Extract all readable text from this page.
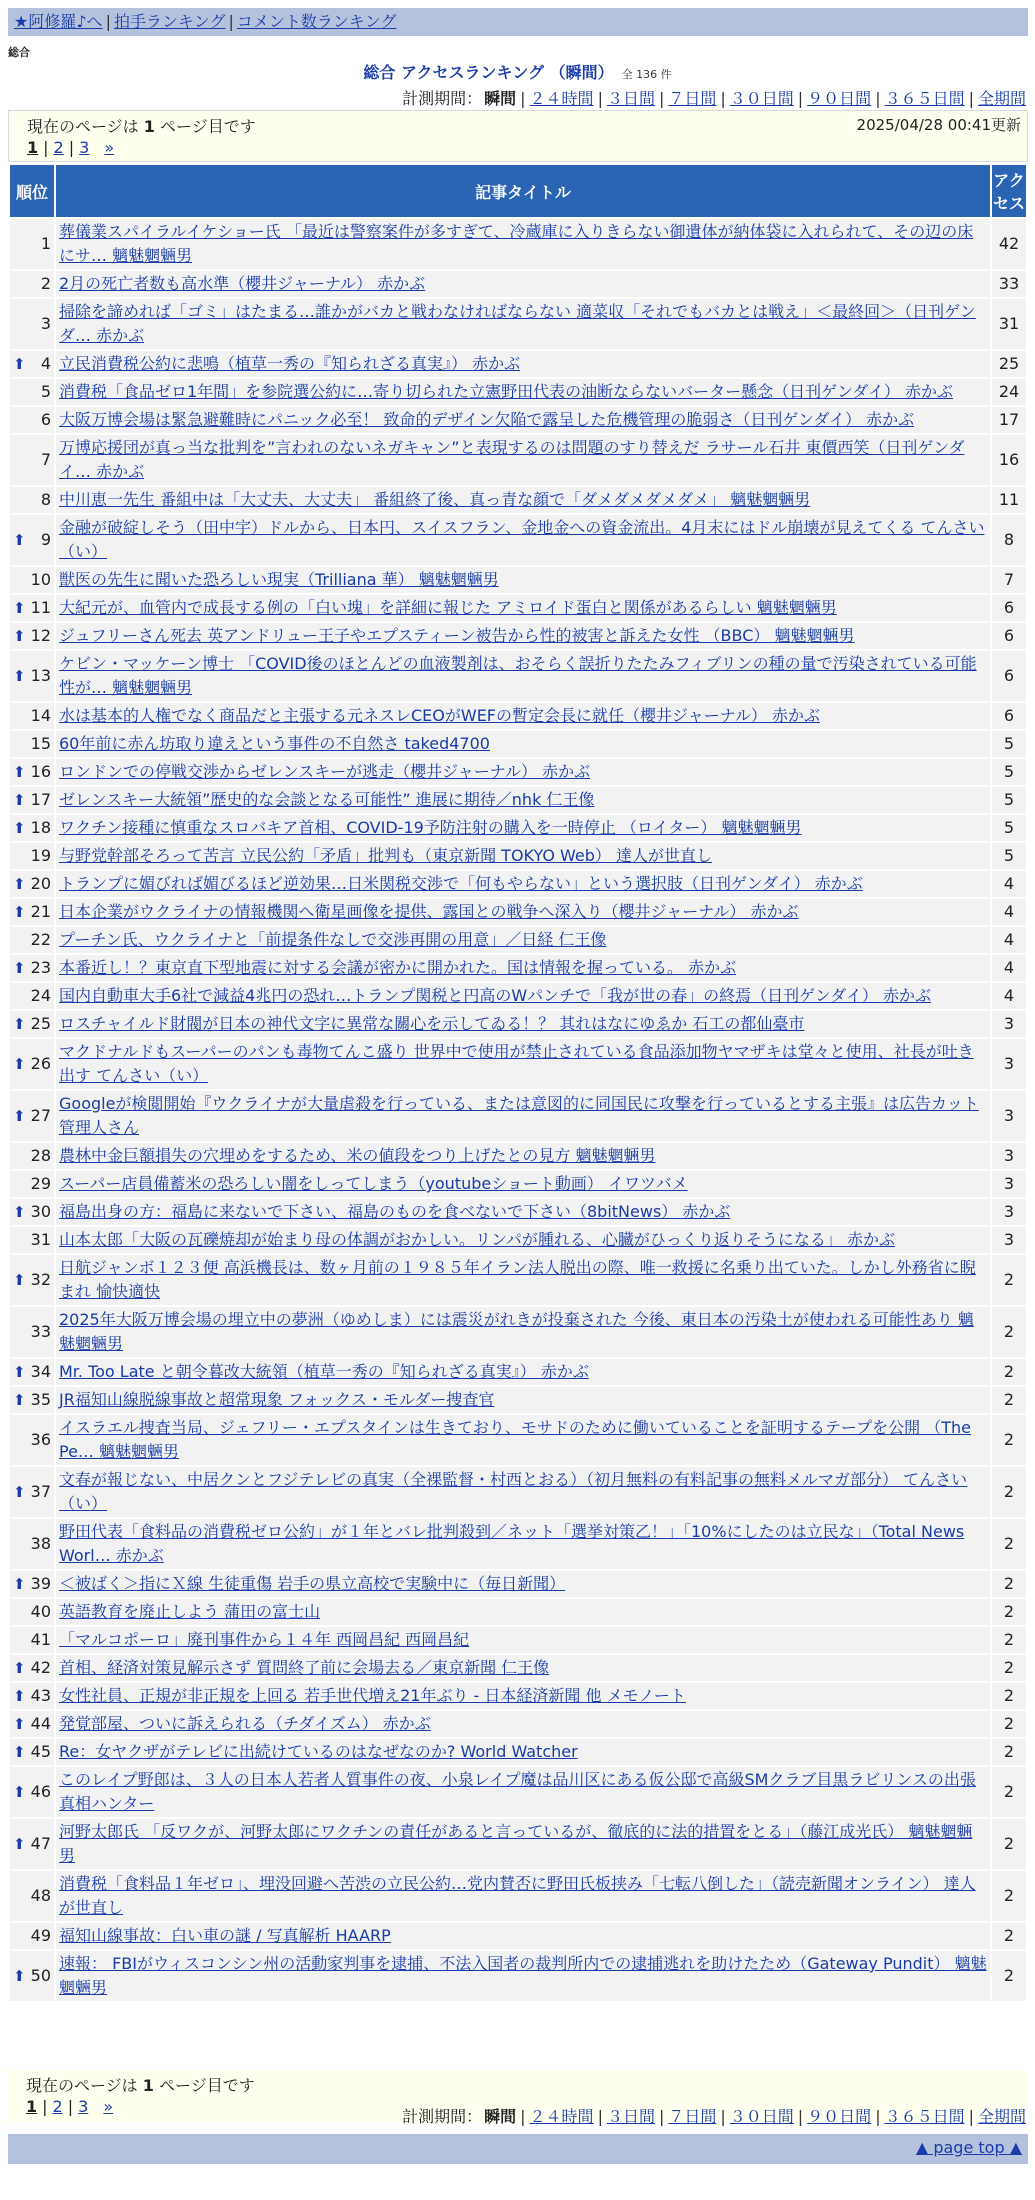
★阿修羅♪へ | 拍手ランキング | コメント数ランキング
総合
総合 アクセスランキング （瞬間） 全 136 件
計測期間： 瞬間 | ２４時間 | ３日間 | ７日間 | ３０日間 | ９０日間 | ３６５日間 | 全期間
現在のページは 1 ページ目です	2025/04/28 00:41更新
1 | 2 | 3 »
順位	記事タイトル	アクセス
1	葬儀業スパイラルイケショー氏 「最近は警察案件が多すぎて、冷蔵庫に入りきらない御遺体が納体袋に入れられて、その辺の床にサ… 魑魅魍魎男	42
2	2月の死亡者数も高水準（櫻井ジャーナル） 赤かぶ	33
3	掃除を諦めれば「ゴミ」はたまる…誰かがバカと戦わなければならない 適菜収「それでもバカとは戦え」＜最終回＞（日刊ゲンダ… 赤かぶ	31

⬆ 4	立民消費税公約に悲鳴（植草一秀の『知られざる真実』） 赤かぶ	25
5	消費税「食品ゼロ1年間」を参院選公約に…寄り切られた立憲野田代表の油断ならないバーター懸念（日刊ゲンダイ） 赤かぶ	24
6	大阪万博会場は緊急避難時にパニック必至！ 致命的デザイン欠陥で露呈した危機管理の脆弱さ（日刊ゲンダイ） 赤かぶ	17
7	万博応援団が真っ当な批判を”言われのないネガキャン”と表現するのは問題のすり替えだ ラサール石井 東價西笑（日刊ゲンダイ… 赤かぶ	16
8	中川恵一先生 番組中は「大丈夫、大丈夫」 番組終了後、真っ青な顔で「ダメダメダメダメ」 魑魅魍魎男	11

⬆ 9	金融が破綻しそう（田中宇）ドルから、日本円、スイスフラン、金地金への資金流出。4月末にはドル崩壊が見えてくる てんさい（い）	8
10	獣医の先生に聞いた恐ろしい現実（Trilliana 華） 魑魅魍魎男	7

⬆ 11	大紀元が、血管内で成長する例の「白い塊」を詳細に報じた アミロイド蛋白と関係があるらしい 魑魅魍魎男	6

⬆ 12	ジュフリーさん死去 英アンドリュー王子やエプスティーン被告から性的被害と訴えた女性 （BBC） 魑魅魍魎男	6

⬆ 13	ケビン・マッケーン博士 「COVID後のほとんどの血液製剤は、おそらく誤折りたたみフィブリンの種の量で汚染されている可能性が… 魑魅魍魎男	6
14	水は基本的人権でなく商品だと主張する元ネスレCEOがWEFの暫定会長に就任（櫻井ジャーナル） 赤かぶ	6
15	60年前に赤ん坊取り違えという事件の不自然さ taked4700	5

⬆ 16	ロンドンでの停戦交渉からゼレンスキーが逃走（櫻井ジャーナル） 赤かぶ	5

⬆ 17	ゼレンスキー大統領”歴史的な会談となる可能性” 進展に期待／nhk 仁王像	5

⬆ 18	ワクチン接種に慎重なスロバキア首相、COVID-19予防注射の購入を一時停止 （ロイター） 魑魅魍魎男	5
19	与野党幹部そろって苦言 立民公約「矛盾」批判も（東京新聞 TOKYO Web） 達人が世直し	5

⬆ 20	トランプに媚びれば媚びるほど逆効果…日米関税交渉で「何もやらない」という選択肢（日刊ゲンダイ） 赤かぶ	4

⬆ 21	日本企業がウクライナの情報機関へ衛星画像を提供、露国との戦争へ深入り（櫻井ジャーナル） 赤かぶ	4
22	プーチン氏、ウクライナと「前提条件なしで交渉再開の用意」／日経 仁王像	4

⬆ 23	本番近し！？東京直下型地震に対する会議が密かに開かれた。国は情報を握っている。 赤かぶ	4
24	国内自動車大手6社で減益4兆円の恐れ…トランプ関税と円高のWパンチで「我が世の春」の終焉（日刊ゲンダイ） 赤かぶ	4

⬆ 25	ロスチャイルド財閥が日本の神代文字に異常な關心を示してゐる！？ 其れはなにゆゑか 石工の都仙臺市	3

⬆ 26	マクドナルドもスーパーのパンも毒物てんこ盛り 世界中で使用が禁止されている食品添加物ヤマザキは堂々と使用、社長が吐き出す てんさい（い）	3

⬆ 27	Googleが検閲開始『ウクライナが大量虐殺を行っている、または意図的に同国民に攻撃を行っているとする主張』は広告カット 管理人さん	3
28	農林中金巨額損失の穴埋めをするため、米の値段をつり上げたとの見方 魑魅魍魎男	3
29	スーパー店員備蓄米の恐ろしい闇をしってしまう（youtubeショート動画） イワツバメ	3

⬆ 30	福島出身の方：福島に来ないで下さい、福島のものを食べないで下さい（8bitNews） 赤かぶ	3
31	山本太郎「大阪の瓦礫焼却が始まり母の体調がおかしい。リンパが腫れる、心臓がひっくり返りそうになる」 赤かぶ	3

⬆ 32	日航ジャンボ１２３便 高浜機長は、数ヶ月前の１９８５年イラン法人脱出の際、唯一救援に名乗り出ていた。しかし外務省に睨まれ 愉快適快	2
33	2025年大阪万博会場の埋立中の夢洲（ゆめしま）には震災がれきが投棄された 今後、東日本の汚染土が使われる可能性あり 魑魅魍魎男	2

⬆ 34	Mr. Too Late と朝令暮改大統領（植草一秀の『知られざる真実』） 赤かぶ	2

⬆ 35	JR福知山線脱線事故と超常現象 フォックス・モルダー捜査官	2
36	イスラエル捜査当局、ジェフリー・エプスタインは生きており、モサドのために働いていることを証明するテープを公開 （The Pe… 魑魅魍魎男	2

⬆ 37	文春が報じない、中居クンとフジテレビの真実（全裸監督・村西とおる）（初月無料の有料記事の無料メルマガ部分） てんさい（い）	2
38	野田代表「食料品の消費税ゼロ公約」が１年とバレ批判殺到／ネット「選挙対策乙！」「10%にしたのは立民な」（Total News Worl… 赤かぶ	2

⬆ 39	＜被ばく＞指にＸ線 生徒重傷 岩手の県立高校で実験中に（毎日新聞）	2
40	英語教育を廃止しよう 蒲田の富士山	2
41	「マルコポーロ」廃刊事件から１４年 西岡昌紀 西岡昌紀	2

⬆ 42	首相、経済対策見解示さず 質問終了前に会場去る／東京新聞 仁王像	2

⬆ 43	女性社員、正規が非正規を上回る 若手世代増え21年ぶり - 日本経済新聞 他 メモノート	2

⬆ 44	発覚部屋、ついに訴えられる（チダイズム） 赤かぶ	2

⬆ 45	Re：女ヤクザがテレビに出続けているのはなぜなのか? World Watcher	2

⬆ 46	このレイプ野郎は、３人の日本人若者人質事件の夜、小泉レイプ魔は品川区にある仮公邸で高級SMクラブ目黒ラビリンスの出張 真相ハンター	2

⬆ 47	河野太郎氏 「反ワクが、河野太郎にワクチンの責任があると言っているが、徹底的に法的措置をとる」（藤江成光氏） 魑魅魍魎男	2
48	消費税「食料品１年ゼロ」、埋没回避へ苦渋の立民公約…党内賛否に野田氏板挟み「七転八倒した」（読売新聞オンライン） 達人が世直し	2
49	福知山線事故：白い車の謎 / 写真解析 HAARP	2

⬆ 50	速報： FBIがウィスコンシン州の活動家判事を逮捕、不法入国者の裁判所内での逮捕逃れを助けたため（Gateway Pundit） 魑魅魍魎男	2
現在のページは 1 ページ目です
1 | 2 | 3 »
計測期間： 瞬間 | ２４時間 | ３日間 | ７日間 | ３０日間 | ９０日間 | ３６５日間 | 全期間
▲ page top ▲
